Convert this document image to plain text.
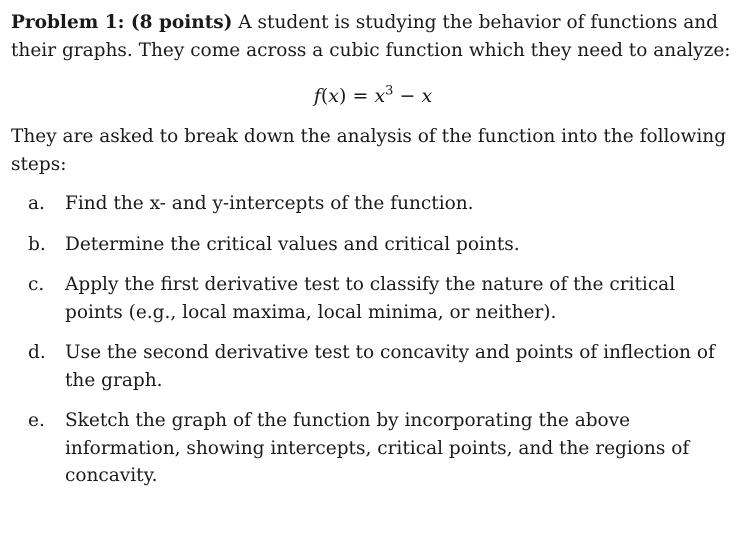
Problem 1: (8 points) A student is studying the behavior of functions and their graphs. They come across a cubic function which they need to analyze:

$f(x) = x^3 - x$

They are asked to break down the analysis of the function into the following steps:

a.	Find the x- and y-intercepts of the function.
b.	Determine the critical values and critical points.
c.	Apply the first derivative test to classify the nature of the critical points (e.g., local maxima, local minima, or neither).
d.	Use the second derivative test to concavity and points of inflection of the graph.
e.	Sketch the graph of the function by incorporating the above information, showing intercepts, critical points, and the regions of concavity.
